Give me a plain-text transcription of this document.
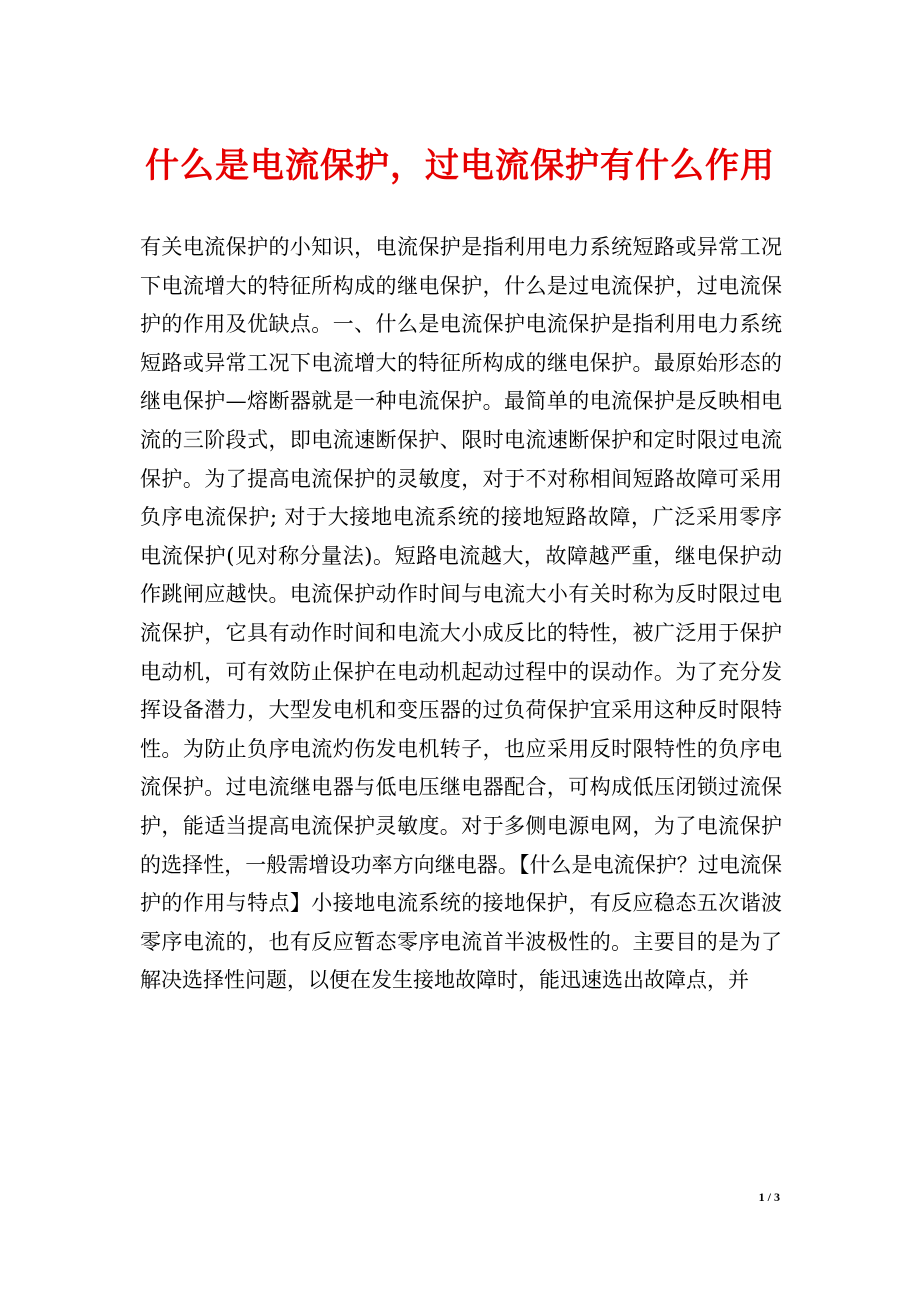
什么是电流保护，过电流保护有什么作用

有关电流保护的小知识，电流保护是指利用电力系统短路或异常工况下电流增大的特征所构成的继电保护，什么是过电流保护，过电流保护的作用及优缺点。一、什么是电流保护电流保护是指利用电力系统短路或异常工况下电流增大的特征所构成的继电保护。最原始形态的继电保护—熔断器就是一种电流保护。最简单的电流保护是反映相电流的三阶段式，即电流速断保护、限时电流速断保护和定时限过电流保护。为了提高电流保护的灵敏度，对于不对称相间短路故障可采用负序电流保护; 对于大接地电流系统的接地短路故障，广泛采用零序电流保护(见对称分量法)。短路电流越大，故障越严重，继电保护动作跳闸应越快。电流保护动作时间与电流大小有关时称为反时限过电流保护，它具有动作时间和电流大小成反比的特性，被广泛用于保护电动机，可有效防止保护在电动机起动过程中的误动作。为了充分发挥设备潜力，大型发电机和变压器的过负荷保护宜采用这种反时限特性。为防止负序电流灼伤发电机转子，也应采用反时限特性的负序电流保护。过电流继电器与低电压继电器配合，可构成低压闭锁过流保护，能适当提高电流保护灵敏度。对于多侧电源电网，为了电流保护的选择性，一般需增设功率方向继电器。【什么是电流保护？过电流保护的作用与特点】小接地电流系统的接地保护，有反应稳态五次谐波零序电流的，也有反应暂态零序电流首半波极性的。主要目的是为了解决选择性问题，以便在发生接地故障时，能迅速选出故障点，并

1 / 3
